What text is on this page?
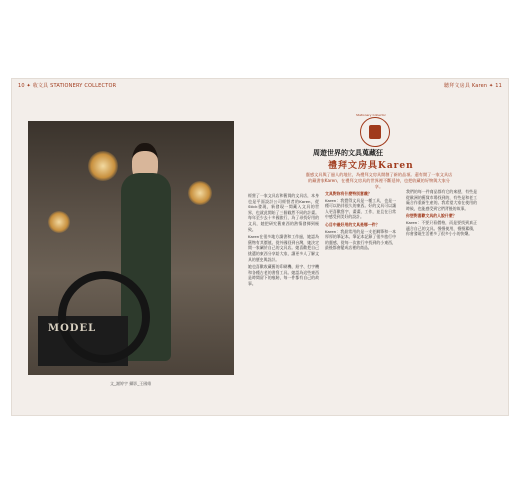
10 ✦ 收文具 STATIONERY COLLECTOR	聽拜文房具 Karen ✦ 11
MODEL
文_謝婷宇 攝影_王國維
Stationery Collector
周遊世界的文具蒐藏狂
禮拜文房具Karen
靈感文具與了過人的地位，為禮拜文房具開創了新的品項。還有開了一家文具店的藏書家Karen，在禮拜文房具的世界裡不斷延伸，也把收藏的好物與大家分享。

經營了一家文具店和舊貨的文具店，本身也是平面設計公司經營者的Karen，從Stick發現，新發現一間藏入文具的世界，也就此開始了三個截然不同的計畫。每年至少去十多國旅行，為了尋找好用的文具，她把研究舊東西的熱情發揮到極致。

Karen在很多地方讀書和工作過，她認為舊物有其價值。從外國回到台灣，她決定開一家屬於自己的文具店。她喜歡把自己挑選的東西分享給大家，讓更多人了解文具的歷史與設計。

她也喜歡收藏舊的印刷機、鉛字、打字機和各種古老的書寫工具。她認為這些東西是時間留下的痕跡，每一件都有自己的故事。

文具對妳有什麼特別意義？

Karen：我覺得文具是一種工具，也是一種可以陪伴很久的東西。好的文具可以讓人更喜歡寫字、畫畫、工作，並且在日常中感受到美好的設計。

心目中最好用的文具是哪一件？

Karen：我最常用的是一支老鋼筆和一本厚厚的筆記本。筆記本記錄了很多旅行中的靈感，從每一次旅行中找到的小東西，最後都會變成店裡的商品。

我們的每一件商品都有它的來歷，有些是從歐洲的舊貨市場找到的，有些是和老工廠合作重新生產的。我希望大家在使用的時候，也能感受到它們背後的故事。

你想對喜歡文具的人說什麼？

Karen：不要只看價格，而是要找到真正適合自己的文具。慢慢使用，慢慢累積，你會發現生活裡多了很多小小的快樂。
